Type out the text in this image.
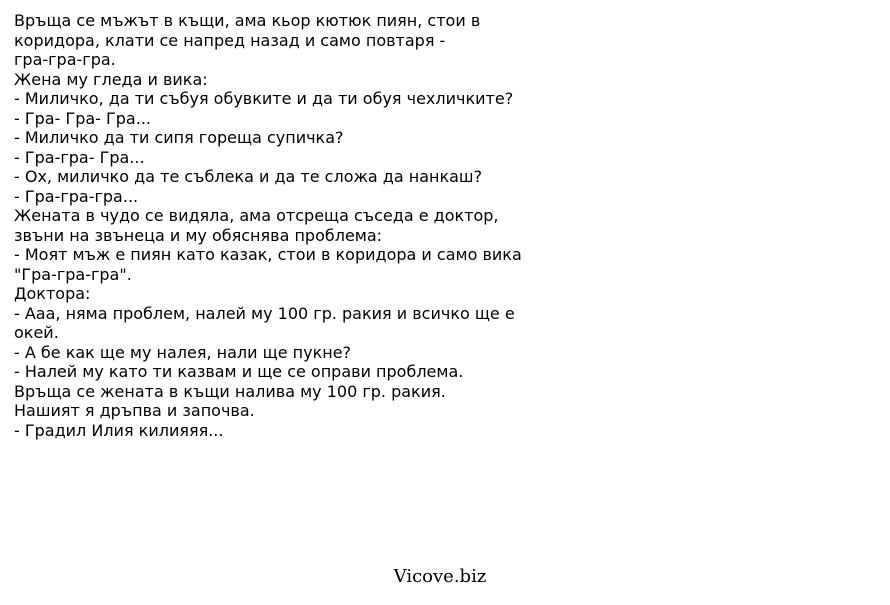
Връща се мъжът в къщи, ама кьор кютюк пиян, стои в
коридора, клати се напред назад и само повтаря -
гра-гра-гра.
Жена му гледа и вика:
- Миличко, да ти събуя обувките и да ти обуя чехличките?
- Гра- Гра- Гра...
- Миличко да ти сипя гореща супичка?
- Гра-гра- Гра...
- Ох, миличко да те съблека и да те сложа да нанкаш?
- Гра-гра-гра...
Жената в чудо се видяла, ама отсреща съседа е доктор,
звъни на звънеца и му обяснява проблема:
- Моят мъж е пиян като казак, стои в коридора и само вика
"Гра-гра-гра".
Доктора:
- Ааа, няма проблем, налей му 100 гр. ракия и всичко ще е
окей.
- А бе как ще му налея, нали ще пукне?
- Налей му като ти казвам и ще се оправи проблема.
Връща се жената в къщи налива му 100 гр. ракия.
Нашият я дръпва и започва.
- Градил Илия килияяя...
Vicove.biz
